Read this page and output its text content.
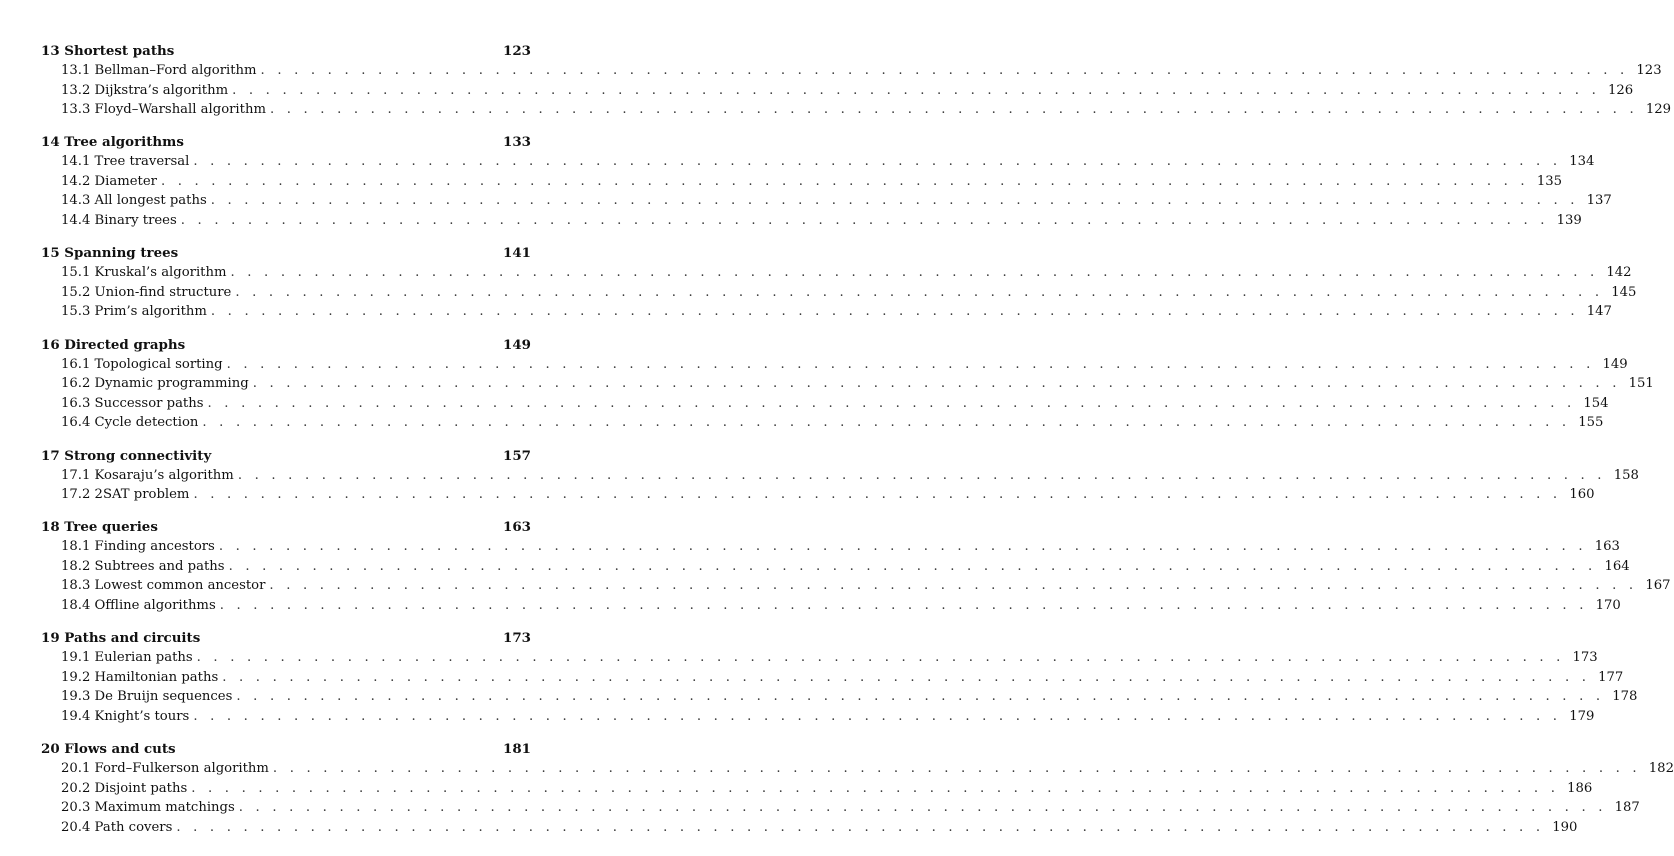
13 Shortest paths	123
13.1 Bellman–Ford algorithm . . . . . . . . . . . . . . . . . . . . . . . . . . . . . . . . . . . . . . . . . . . . . . . . . . . . . . . . . . . . . . . . . . . . . . . . . . . . . . . . . . 123
13.2 Dijkstra’s algorithm . . . . . . . . . . . . . . . . . . . . . . . . . . . . . . . . . . . . . . . . . . . . . . . . . . . . . . . . . . . . . . . . . . . . . . . . . . . . . . . . . . 126
13.3 Floyd–Warshall algorithm . . . . . . . . . . . . . . . . . . . . . . . . . . . . . . . . . . . . . . . . . . . . . . . . . . . . . . . . . . . . . . . . . . . . . . . . . . . . . . . . . . 129
14 Tree algorithms	133
14.1 Tree traversal . . . . . . . . . . . . . . . . . . . . . . . . . . . . . . . . . . . . . . . . . . . . . . . . . . . . . . . . . . . . . . . . . . . . . . . . . . . . . . . . . . 134
14.2 Diameter . . . . . . . . . . . . . . . . . . . . . . . . . . . . . . . . . . . . . . . . . . . . . . . . . . . . . . . . . . . . . . . . . . . . . . . . . . . . . . . . . . 135
14.3 All longest paths . . . . . . . . . . . . . . . . . . . . . . . . . . . . . . . . . . . . . . . . . . . . . . . . . . . . . . . . . . . . . . . . . . . . . . . . . . . . . . . . . . 137
14.4 Binary trees . . . . . . . . . . . . . . . . . . . . . . . . . . . . . . . . . . . . . . . . . . . . . . . . . . . . . . . . . . . . . . . . . . . . . . . . . . . . . . . . . . 139
15 Spanning trees	141
15.1 Kruskal’s algorithm . . . . . . . . . . . . . . . . . . . . . . . . . . . . . . . . . . . . . . . . . . . . . . . . . . . . . . . . . . . . . . . . . . . . . . . . . . . . . . . . . . 142
15.2 Union-find structure . . . . . . . . . . . . . . . . . . . . . . . . . . . . . . . . . . . . . . . . . . . . . . . . . . . . . . . . . . . . . . . . . . . . . . . . . . . . . . . . . . 145
15.3 Prim’s algorithm . . . . . . . . . . . . . . . . . . . . . . . . . . . . . . . . . . . . . . . . . . . . . . . . . . . . . . . . . . . . . . . . . . . . . . . . . . . . . . . . . . 147
16 Directed graphs	149
16.1 Topological sorting . . . . . . . . . . . . . . . . . . . . . . . . . . . . . . . . . . . . . . . . . . . . . . . . . . . . . . . . . . . . . . . . . . . . . . . . . . . . . . . . . . 149
16.2 Dynamic programming . . . . . . . . . . . . . . . . . . . . . . . . . . . . . . . . . . . . . . . . . . . . . . . . . . . . . . . . . . . . . . . . . . . . . . . . . . . . . . . . . . 151
16.3 Successor paths . . . . . . . . . . . . . . . . . . . . . . . . . . . . . . . . . . . . . . . . . . . . . . . . . . . . . . . . . . . . . . . . . . . . . . . . . . . . . . . . . . 154
16.4 Cycle detection . . . . . . . . . . . . . . . . . . . . . . . . . . . . . . . . . . . . . . . . . . . . . . . . . . . . . . . . . . . . . . . . . . . . . . . . . . . . . . . . . . 155
17 Strong connectivity	157
17.1 Kosaraju’s algorithm . . . . . . . . . . . . . . . . . . . . . . . . . . . . . . . . . . . . . . . . . . . . . . . . . . . . . . . . . . . . . . . . . . . . . . . . . . . . . . . . . . 158
17.2 2SAT problem . . . . . . . . . . . . . . . . . . . . . . . . . . . . . . . . . . . . . . . . . . . . . . . . . . . . . . . . . . . . . . . . . . . . . . . . . . . . . . . . . . 160
18 Tree queries	163
18.1 Finding ancestors . . . . . . . . . . . . . . . . . . . . . . . . . . . . . . . . . . . . . . . . . . . . . . . . . . . . . . . . . . . . . . . . . . . . . . . . . . . . . . . . . . 163
18.2 Subtrees and paths . . . . . . . . . . . . . . . . . . . . . . . . . . . . . . . . . . . . . . . . . . . . . . . . . . . . . . . . . . . . . . . . . . . . . . . . . . . . . . . . . . 164
18.3 Lowest common ancestor . . . . . . . . . . . . . . . . . . . . . . . . . . . . . . . . . . . . . . . . . . . . . . . . . . . . . . . . . . . . . . . . . . . . . . . . . . . . . . . . . . 167
18.4 Offline algorithms . . . . . . . . . . . . . . . . . . . . . . . . . . . . . . . . . . . . . . . . . . . . . . . . . . . . . . . . . . . . . . . . . . . . . . . . . . . . . . . . . . 170
19 Paths and circuits	173
19.1 Eulerian paths . . . . . . . . . . . . . . . . . . . . . . . . . . . . . . . . . . . . . . . . . . . . . . . . . . . . . . . . . . . . . . . . . . . . . . . . . . . . . . . . . . 173
19.2 Hamiltonian paths . . . . . . . . . . . . . . . . . . . . . . . . . . . . . . . . . . . . . . . . . . . . . . . . . . . . . . . . . . . . . . . . . . . . . . . . . . . . . . . . . . 177
19.3 De Bruijn sequences . . . . . . . . . . . . . . . . . . . . . . . . . . . . . . . . . . . . . . . . . . . . . . . . . . . . . . . . . . . . . . . . . . . . . . . . . . . . . . . . . . 178
19.4 Knight’s tours . . . . . . . . . . . . . . . . . . . . . . . . . . . . . . . . . . . . . . . . . . . . . . . . . . . . . . . . . . . . . . . . . . . . . . . . . . . . . . . . . . 179
20 Flows and cuts	181
20.1 Ford–Fulkerson algorithm . . . . . . . . . . . . . . . . . . . . . . . . . . . . . . . . . . . . . . . . . . . . . . . . . . . . . . . . . . . . . . . . . . . . . . . . . . . . . . . . . . 182
20.2 Disjoint paths . . . . . . . . . . . . . . . . . . . . . . . . . . . . . . . . . . . . . . . . . . . . . . . . . . . . . . . . . . . . . . . . . . . . . . . . . . . . . . . . . . 186
20.3 Maximum matchings . . . . . . . . . . . . . . . . . . . . . . . . . . . . . . . . . . . . . . . . . . . . . . . . . . . . . . . . . . . . . . . . . . . . . . . . . . . . . . . . . . 187
20.4 Path covers . . . . . . . . . . . . . . . . . . . . . . . . . . . . . . . . . . . . . . . . . . . . . . . . . . . . . . . . . . . . . . . . . . . . . . . . . . . . . . . . . . 190
